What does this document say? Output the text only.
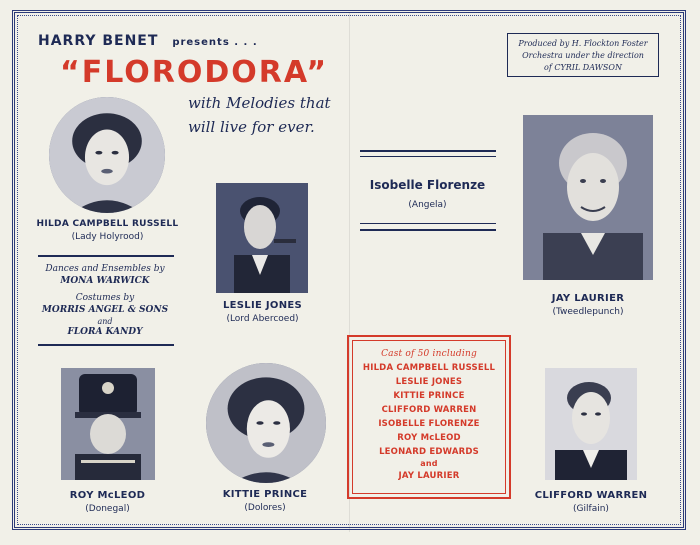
HARRY BENET presents . . .
“FLORODORA”
with Melodies that
will live for ever.
Produced by H. Flockton Foster
Orchestra under the direction
of CYRIL DAWSON
HILDA CAMPBELL RUSSELL
(Lady Holyrood)
Dances and Ensembles by
MONA WARWICK
Costumes by
MORRIS ANGEL & SONS
and
FLORA KANDY
LESLIE JONES
(Lord Abercoed)
Isobelle Florenze
(Angela)
JAY LAURIER
(Tweedlepunch)
ROY McLEOD
(Donegal)
KITTIE PRINCE
(Dolores)
Cast of 50 including
HILDA CAMPBELL RUSSELL
LESLIE JONES
KITTIE PRINCE
CLIFFORD WARREN
ISOBELLE FLORENZE
ROY McLEOD
LEONARD EDWARDS
and
JAY LAURIER
CLIFFORD WARREN
(Gilfain)
